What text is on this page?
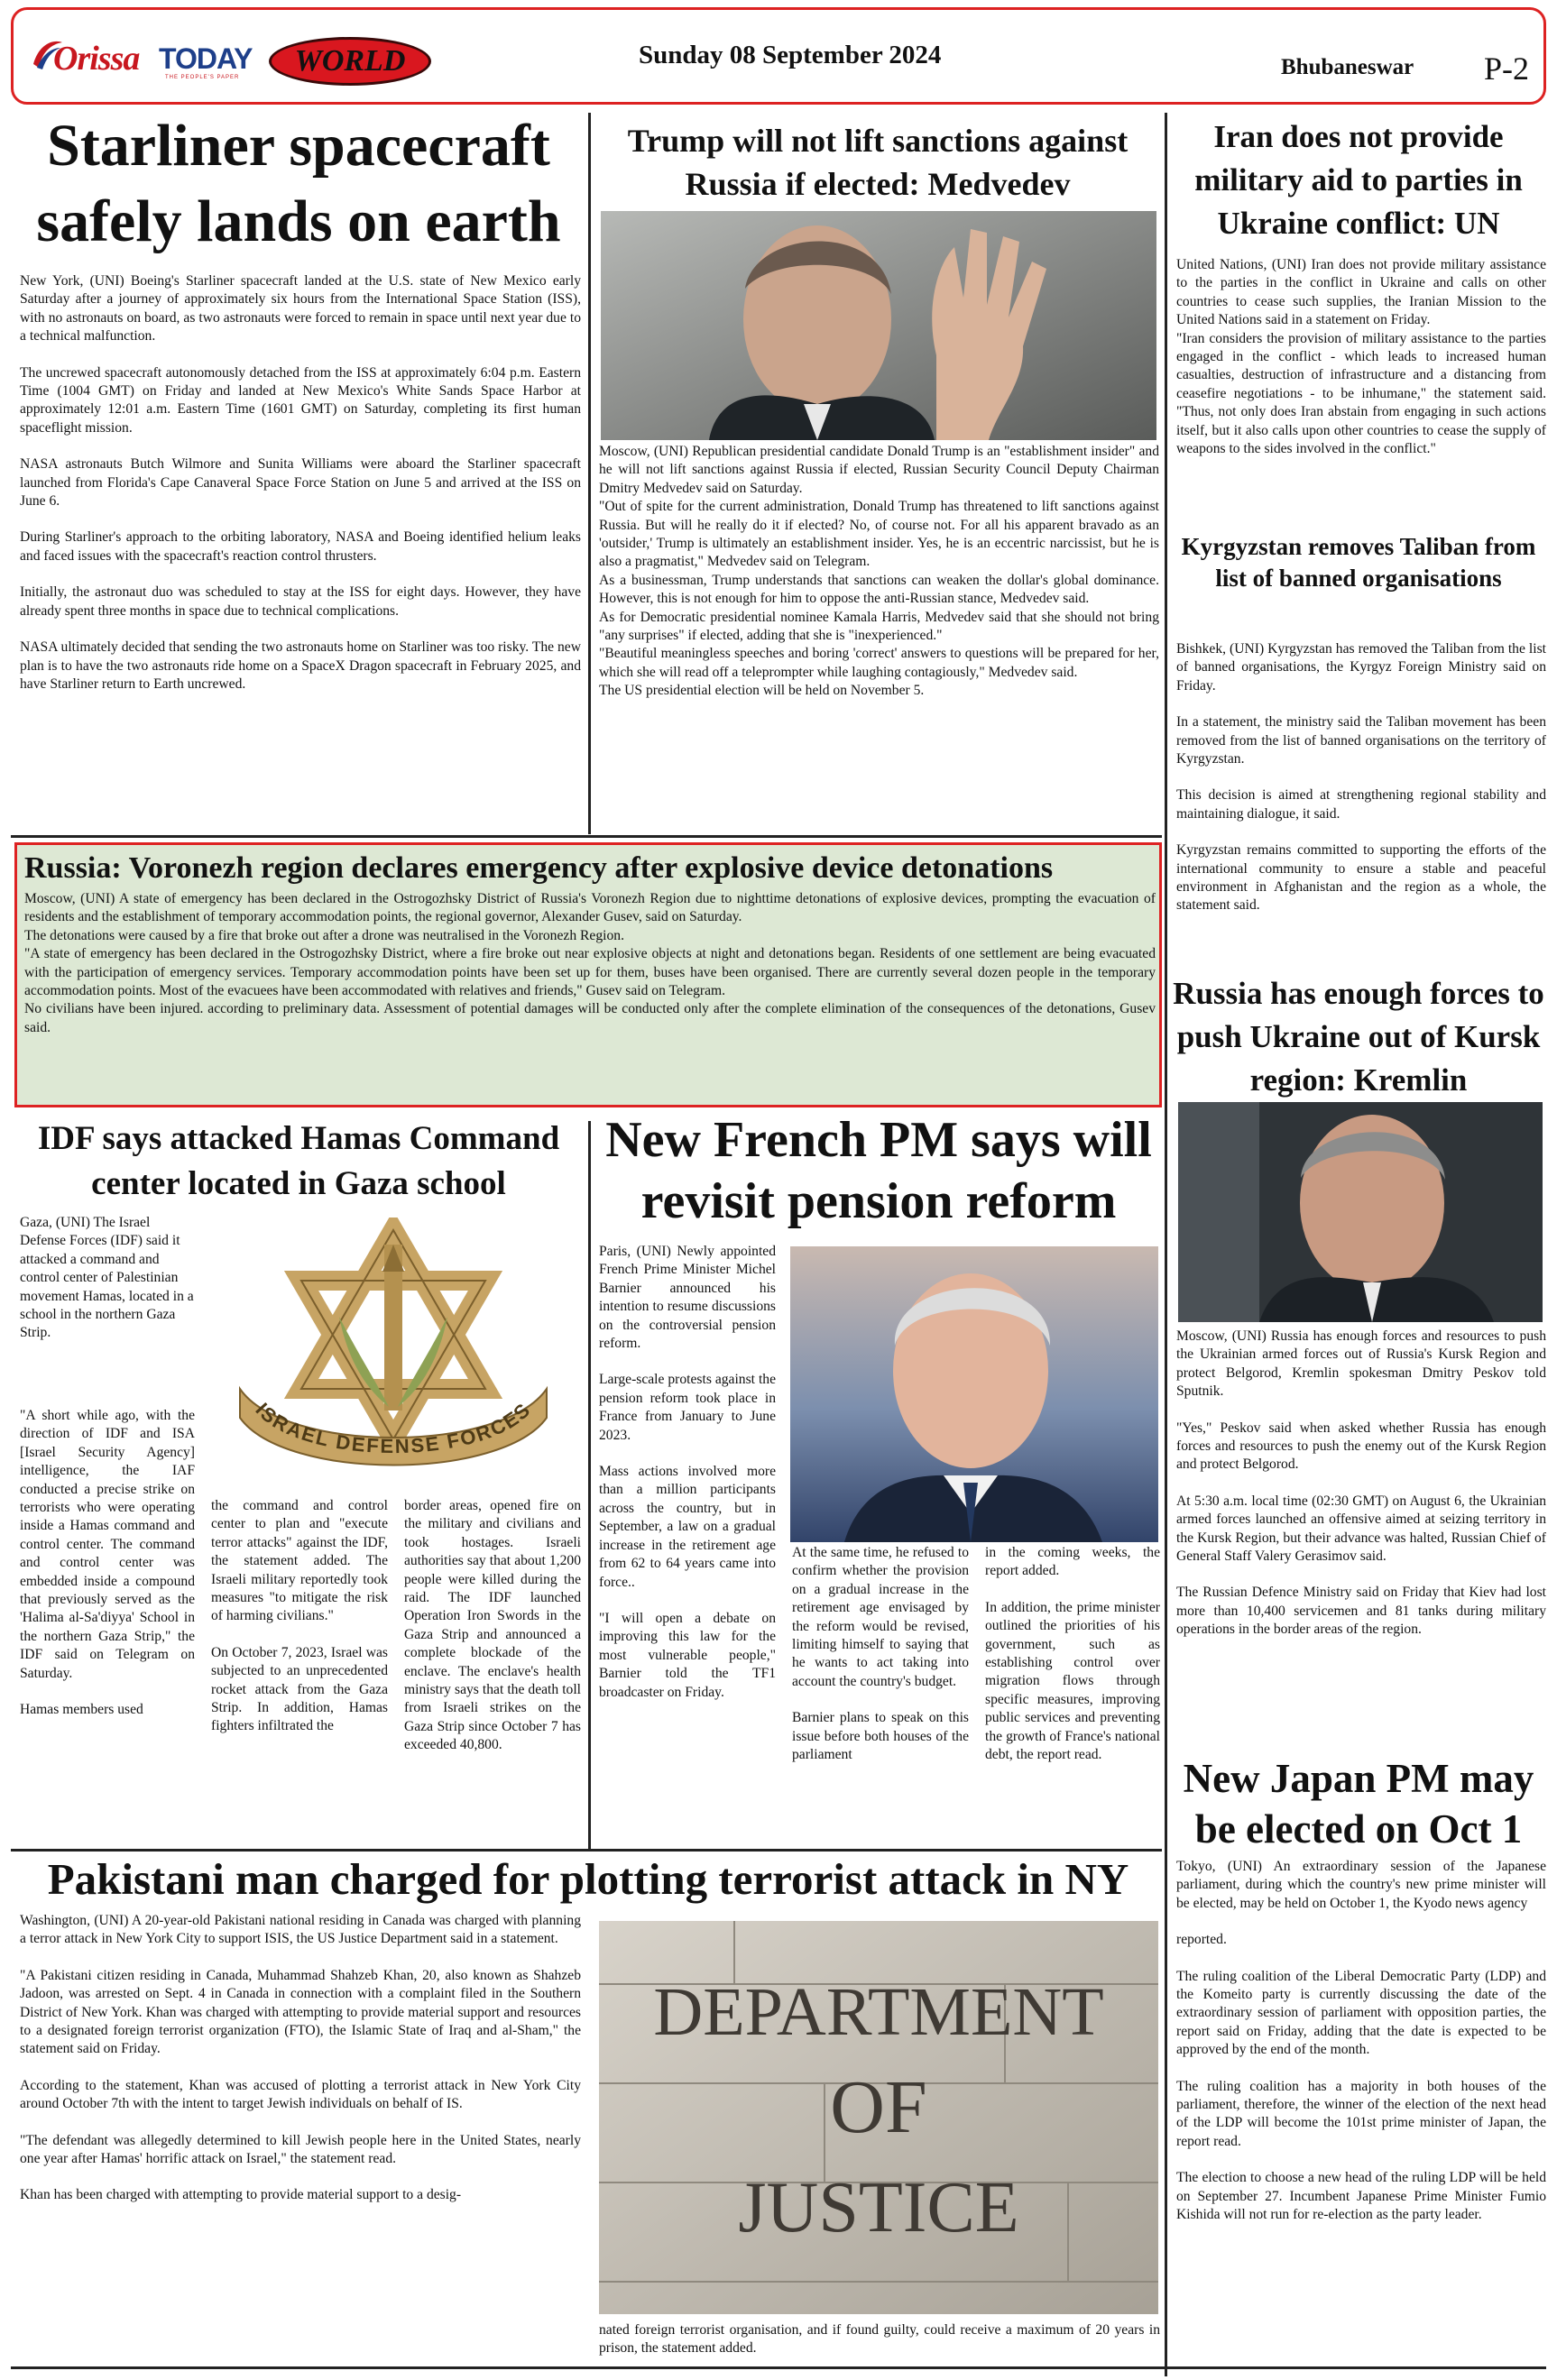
Orissa TODAY
THE PEOPLE'S PAPER	WORLD	Sunday 08 September 2024	Bhubaneswar P-2
Starliner spacecraft safely lands on earth

New York, (UNI) Boeing's Starliner spacecraft landed at the U.S. state of New Mexico early Saturday after a journey of approximately six hours from the International Space Station (ISS), with no astronauts on board, as two astronauts were forced to remain in space until next year due to a technical malfunction.

The uncrewed spacecraft autonomously detached from the ISS at approximately 6:04 p.m. Eastern Time (1004 GMT) on Friday and landed at New Mexico's White Sands Space Harbor at approximately 12:01 a.m. Eastern Time (1601 GMT) on Saturday, completing its first human spaceflight mission.

NASA astronauts Butch Wilmore and Sunita Williams were aboard the Starliner spacecraft launched from Florida's Cape Canaveral Space Force Station on June 5 and arrived at the ISS on June 6.

During Starliner's approach to the orbiting laboratory, NASA and Boeing identified helium leaks and faced issues with the spacecraft's reaction control thrusters.

Initially, the astronaut duo was scheduled to stay at the ISS for eight days. However, they have already spent three months in space due to technical complications.

NASA ultimately decided that sending the two astronauts home on Starliner was too risky. The new plan is to have the two astronauts ride home on a SpaceX Dragon spacecraft in February 2025, and have Starliner return to Earth uncrewed.

Trump will not lift sanctions against Russia if elected: Medvedev

Moscow, (UNI) Republican presidential candidate Donald Trump is an "establishment insider" and he will not lift sanctions against Russia if elected, Russian Security Council Deputy Chairman Dmitry Medvedev said on Saturday.

"Out of spite for the current administration, Donald Trump has threatened to lift sanctions against Russia. But will he really do it if elected? No, of course not. For all his apparent bravado as an 'outsider,' Trump is ultimately an establishment insider. Yes, he is an eccentric narcissist, but he is also a pragmatist," Medvedev said on Telegram.

As a businessman, Trump understands that sanctions can weaken the dollar's global dominance. However, this is not enough for him to oppose the anti-Russian stance, Medvedev said.

As for Democratic presidential nominee Kamala Harris, Medvedev said that she should not bring "any surprises" if elected, adding that she is "inexperienced."

"Beautiful meaningless speeches and boring 'correct' answers to questions will be prepared for her, which she will read off a teleprompter while laughing contagiously," Medvedev said.

The US presidential election will be held on November 5.

Iran does not provide military aid to parties in Ukraine conflict: UN

United Nations, (UNI) Iran does not provide military assistance to the parties in the conflict in Ukraine and calls on other countries to cease such supplies, the Iranian Mission to the United Nations said in a statement on Friday.

"Iran considers the provision of military assistance to the parties engaged in the conflict - which leads to increased human casualties, destruction of infrastructure and a distancing from ceasefire negotiations - to be inhumane," the statement said. "Thus, not only does Iran abstain from engaging in such actions itself, but it also calls upon other countries to cease the supply of weapons to the sides involved in the conflict."

Kyrgyzstan removes Taliban from list of banned organisations

Bishkek, (UNI) Kyrgyzstan has removed the Taliban from the list of banned organisations, the Kyrgyz Foreign Ministry said on Friday.

In a statement, the ministry said the Taliban movement has been removed from the list of banned organisations on the territory of Kyrgyzstan.

This decision is aimed at strengthening regional stability and maintaining dialogue, it said.

Kyrgyzstan remains committed to supporting the efforts of the international community to ensure a stable and peaceful environment in Afghanistan and the region as a whole, the statement said.

Russia: Voronezh region declares emergency after explosive device detonations

Moscow, (UNI) A state of emergency has been declared in the Ostrogozhsky District of Russia's Voronezh Region due to nighttime detonations of explosive devices, prompting the evacuation of residents and the establishment of temporary accommodation points, the regional governor, Alexander Gusev, said on Saturday.

The detonations were caused by a fire that broke out after a drone was neutralised in the Voronezh Region.

"A state of emergency has been declared in the Ostrogozhsky District, where a fire broke out near explosive objects at night and detonations began. Residents of one settlement are being evacuated with the participation of emergency services. Temporary accommodation points have been set up for them, buses have been organised. There are currently several dozen people in the temporary accommodation points. Most of the evacuees have been accommodated with relatives and friends," Gusev said on Telegram.

No civilians have been injured. according to preliminary data. Assessment of potential damages will be conducted only after the complete elimination of the consequences of the detonations, Gusev said.

Russia has enough forces to push Ukraine out of Kursk region: Kremlin

Moscow, (UNI) Russia has enough forces and resources to push the Ukrainian armed forces out of Russia's Kursk Region and protect Belgorod, Kremlin spokesman Dmitry Peskov told Sputnik.

"Yes," Peskov said when asked whether Russia has enough forces and resources to push the enemy out of the Kursk Region and protect Belgorod.

At 5:30 a.m. local time (02:30 GMT) on August 6, the Ukrainian armed forces launched an offensive aimed at seizing territory in the Kursk Region, but their advance was halted, Russian Chief of General Staff Valery Gerasimov said.

The Russian Defence Ministry said on Friday that Kiev had lost more than 10,400 servicemen and 81 tanks during military operations in the border areas of the region.

IDF says attacked Hamas Command center located in Gaza school
Gaza, (UNI) The Israel Defense Forces (IDF) said it attacked a command and control center of Palestinian movement Hamas, located in a school in the northern Gaza Strip.
ISRAEL DEFENSE FORCES

"A short while ago, with the direction of IDF and ISA [Israel Security Agency] intelligence, the IAF conducted a precise strike on terrorists who were operating inside a Hamas command and control center. The command and control center was embedded inside a compound that previously served as the 'Halima al-Sa'diyya' School in the northern Gaza Strip," the IDF said on Telegram on Saturday.

Hamas members used

the command and control center to plan and "execute terror attacks" against the IDF, the statement added. The Israeli military reportedly took measures "to mitigate the risk of harming civilians."

On October 7, 2023, Israel was subjected to an unprecedented rocket attack from the Gaza Strip. In addition, Hamas fighters infiltrated the

border areas, opened fire on the military and civilians and took hostages. Israeli authorities say that about 1,200 people were killed during the raid. The IDF launched Operation Iron Swords in the Gaza Strip and announced a complete blockade of the enclave. The enclave's health ministry says that the death toll from Israeli strikes on the Gaza Strip since October 7 has exceeded 40,800.

New French PM says will revisit pension reform

Paris, (UNI) Newly appointed French Prime Minister Michel Barnier announced his intention to resume discussions on the controversial pension reform.

Large-scale protests against the pension reform took place in France from January to June 2023.

Mass actions involved more than a million participants across the country, but in September, a law on a gradual increase in the retirement age from 62 to 64 years came into force..

"I will open a debate on improving this law for the most vulnerable people," Barnier told the TF1 broadcaster on Friday.

At the same time, he refused to confirm whether the provision on a gradual increase in the retirement age envisaged by the reform would be revised, limiting himself to saying that he wants to act taking into account the country's budget.

Barnier plans to speak on this issue before both houses of the parliament

in the coming weeks, the report added.

In addition, the prime minister outlined the priorities of his government, such as establishing control over migration flows through specific measures, improving public services and preventing the growth of France's national debt, the report read.

New Japan PM may be elected on Oct 1

Tokyo, (UNI) An extraordinary session of the Japanese parliament, during which the country's new prime minister will be elected, may be held on October 1, the Kyodo news agency

reported.

The ruling coalition of the Liberal Democratic Party (LDP) and the Komeito party is currently discussing the date of the extraordinary session of parliament with opposition parties, the report said on Friday, adding that the date is expected to be approved by the end of the month.

The ruling coalition has a majority in both houses of the parliament, therefore, the winner of the election of the next head of the LDP will become the 101st prime minister of Japan, the report read.

The election to choose a new head of the ruling LDP will be held on September 27. Incumbent Japanese Prime Minister Fumio Kishida will not run for re-election as the party leader.

Pakistani man charged for plotting terrorist attack in NY

Washington, (UNI) A 20-year-old Pakistani national residing in Canada was charged with planning a terror attack in New York City to support ISIS, the US Justice Department said in a statement.

"A Pakistani citizen residing in Canada, Muhammad Shahzeb Khan, 20, also known as Shahzeb Jadoon, was arrested on Sept. 4 in Canada in connection with a complaint filed in the Southern District of New York. Khan was charged with attempting to provide material support and resources to a designated foreign terrorist organization (FTO), the Islamic State of Iraq and al-Sham," the statement said on Friday.

According to the statement, Khan was accused of plotting a terrorist attack in New York City around October 7th with the intent to target Jewish individuals on behalf of IS.

"The defendant was allegedly determined to kill Jewish people here in the United States, nearly one year after Hamas' horrific attack on Israel," the statement read.

Khan has been charged with attempting to provide material support to a desig-

DEPARTMENT
OF
JUSTICE
nated foreign terrorist organisation, and if found guilty, could receive a maximum of 20 years in prison, the statement added.
